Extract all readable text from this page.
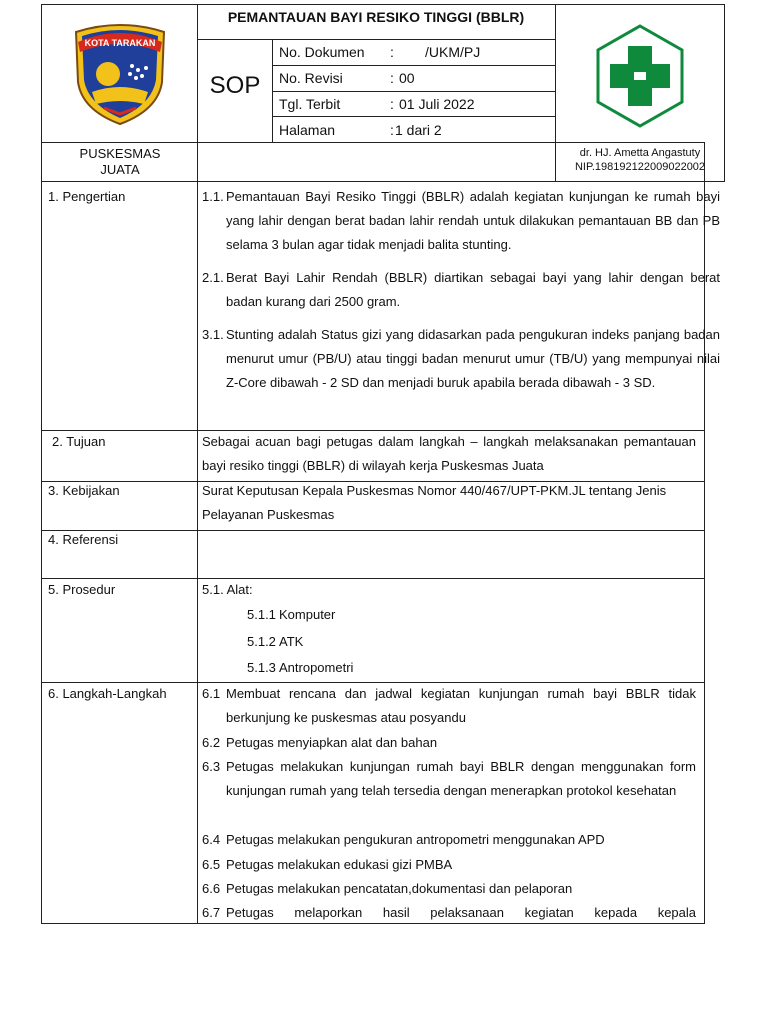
KOTA TARAKAN
PEMANTAUAN BAYI RESIKO TINGGI (BBLR)
SOP
No. Dokumen : /UKM/PJ
No. Revisi	: 00
Tgl. Terbit	: 01 Juli 2022
Halaman	: 1 dari 2
PUSKESMAS
JUATA
dr. HJ. Ametta Angastuty
NIP.198192122009022002
1. Pengertian	1.1. Pemantauan Bayi Resiko Tinggi (BBLR) adalah kegiatan kunjungan ke rumah bayi yang lahir dengan berat badan lahir rendah untuk dilakukan pemantauan BB dan PB selama 3 bulan agar tidak menjadi balita stunting.
2.1. Berat Bayi Lahir Rendah (BBLR) diartikan sebagai bayi yang lahir dengan berat badan kurang dari 2500 gram.
3.1. Stunting adalah Status gizi yang didasarkan pada pengukuran indeks panjang badan menurut umur (PB/U) atau tinggi badan menurut umur (TB/U) yang mempunyai nilai Z-Core dibawah - 2 SD dan menjadi buruk apabila berada dibawah - 3 SD.
2. Tujuan	Sebagai acuan bagi petugas dalam langkah – langkah melaksanakan pemantauan bayi resiko tinggi (BBLR) di wilayah kerja Puskesmas Juata
3. Kebijakan	Surat Keputusan Kepala Puskesmas Nomor 440/467/UPT-PKM.JL tentang Jenis Pelayanan Puskesmas
4. Referensi
5. Prosedur	5.1. Alat:
5.1.1 Komputer
5.1.2 ATK
5.1.3 Antropometri
6. Langkah-Langkah	6.1 Membuat rencana dan jadwal kegiatan kunjungan rumah bayi BBLR tidak berkunjung ke puskesmas atau posyandu
6.2 Petugas menyiapkan alat dan bahan
6.3 Petugas melakukan kunjungan rumah bayi BBLR dengan menggunakan form kunjungan rumah yang telah tersedia dengan menerapkan protokol kesehatan
6.4 Petugas melakukan pengukuran antropometri menggunakan APD
6.5 Petugas melakukan edukasi gizi PMBA
6.6 Petugas melakukan pencatatan,dokumentasi dan pelaporan
6.7 Petugas melaporkan hasil pelaksanaan kegiatan kepada kepala
